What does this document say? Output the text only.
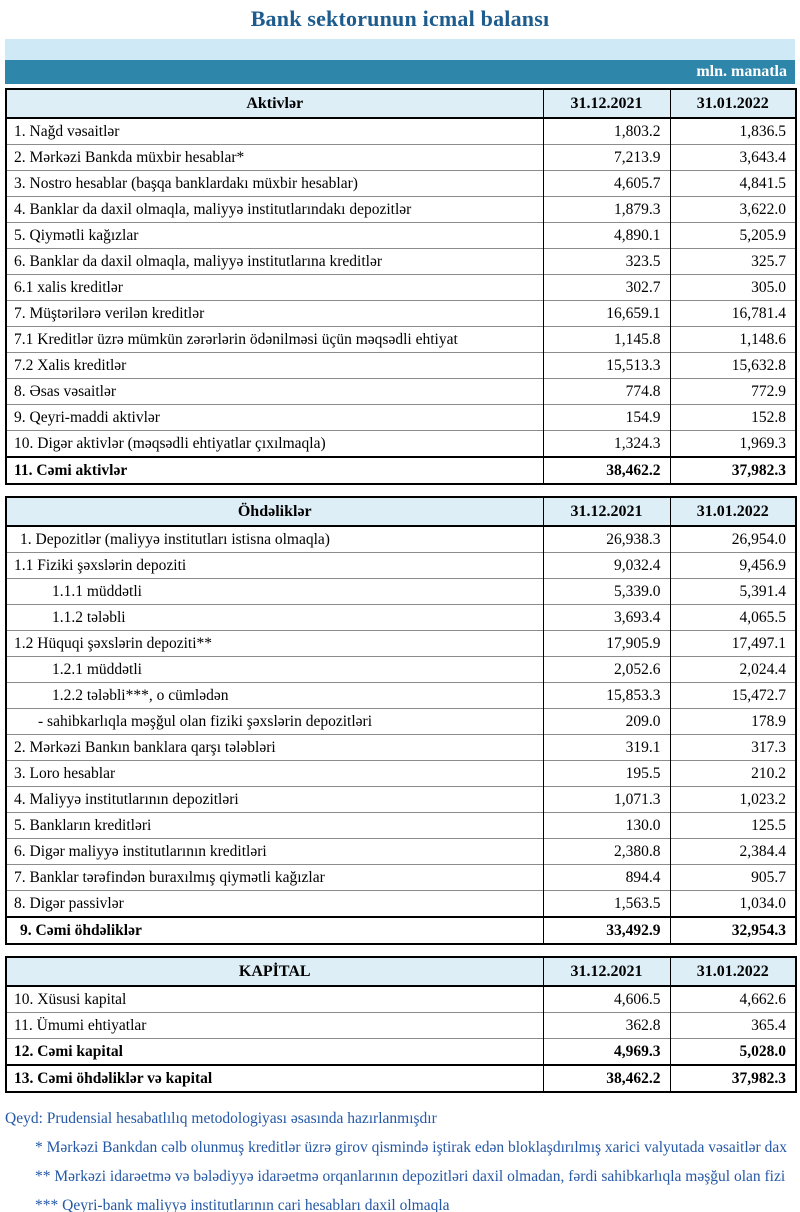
Bank sektorunun icmal balansı
mln. manatla
Aktivlər	31.12.2021	31.01.2022
1. Nağd vəsaitlər	1,803.2	1,836.5
2. Mərkəzi Bankda müxbir hesablar*	7,213.9	3,643.4
3. Nostro hesablar (başqa banklardakı müxbir hesablar)	4,605.7	4,841.5
4. Banklar da daxil olmaqla, maliyyə institutlarındakı depozitlər	1,879.3	3,622.0
5. Qiymətli kağızlar	4,890.1	5,205.9
6. Banklar da daxil olmaqla, maliyyə institutlarına kreditlər	323.5	325.7
6.1 xalis kreditlər	302.7	305.0
7. Müştərilərə verilən kreditlər	16,659.1	16,781.4
7.1 Kreditlər üzrə mümkün zərərlərin ödənilməsi üçün məqsədli ehtiyat	1,145.8	1,148.6
7.2 Xalis kreditlər	15,513.3	15,632.8
8. Əsas vəsaitlər	774.8	772.9
9. Qeyri-maddi aktivlər	154.9	152.8
10. Digər aktivlər (məqsədli ehtiyatlar çıxılmaqla)	1,324.3	1,969.3
11. Cəmi aktivlər	38,462.2	37,982.3
Öhdəliklər	31.12.2021	31.01.2022
1. Depozitlər (maliyyə institutları istisna olmaqla)	26,938.3	26,954.0
1.1 Fiziki şəxslərin depoziti	9,032.4	9,456.9
1.1.1 müddətli	5,339.0	5,391.4
1.1.2 tələbli	3,693.4	4,065.5
1.2 Hüquqi şəxslərin depoziti**	17,905.9	17,497.1
1.2.1 müddətli	2,052.6	2,024.4
1.2.2 tələbli***, o cümlədən	15,853.3	15,472.7
- sahibkarlıqla məşğul olan fiziki şəxslərin depozitləri	209.0	178.9
2. Mərkəzi Bankın banklara qarşı tələbləri	319.1	317.3
3. Loro hesablar	195.5	210.2
4. Maliyyə institutlarının depozitləri	1,071.3	1,023.2
5. Bankların kreditləri	130.0	125.5
6. Digər maliyyə institutlarının kreditləri	2,380.8	2,384.4
7. Banklar tərəfindən buraxılmış qiymətli kağızlar	894.4	905.7
8. Digər passivlər	1,563.5	1,034.0
9. Cəmi öhdəliklər	33,492.9	32,954.3
KAPİTAL	31.12.2021	31.01.2022
10. Xüsusi kapital	4,606.5	4,662.6
11. Ümumi ehtiyatlar	362.8	365.4
12. Cəmi kapital	4,969.3	5,028.0
13. Cəmi öhdəliklər və kapital	38,462.2	37,982.3
Qeyd: Prudensial hesabatlılıq metodologiyası əsasında hazırlanmışdır
* Mərkəzi Bankdan cəlb olunmuş kreditlər üzrə girov qismində iştirak edən bloklaşdırılmış xarici valyutada vəsaitlər dax
** Mərkəzi idarəetmə və bələdiyyə idarəetmə orqanlarının depozitləri daxil olmadan, fərdi sahibkarlıqla məşğul olan fizi
*** Qeyri-bank maliyyə institutlarının cari hesabları daxil olmaqla
